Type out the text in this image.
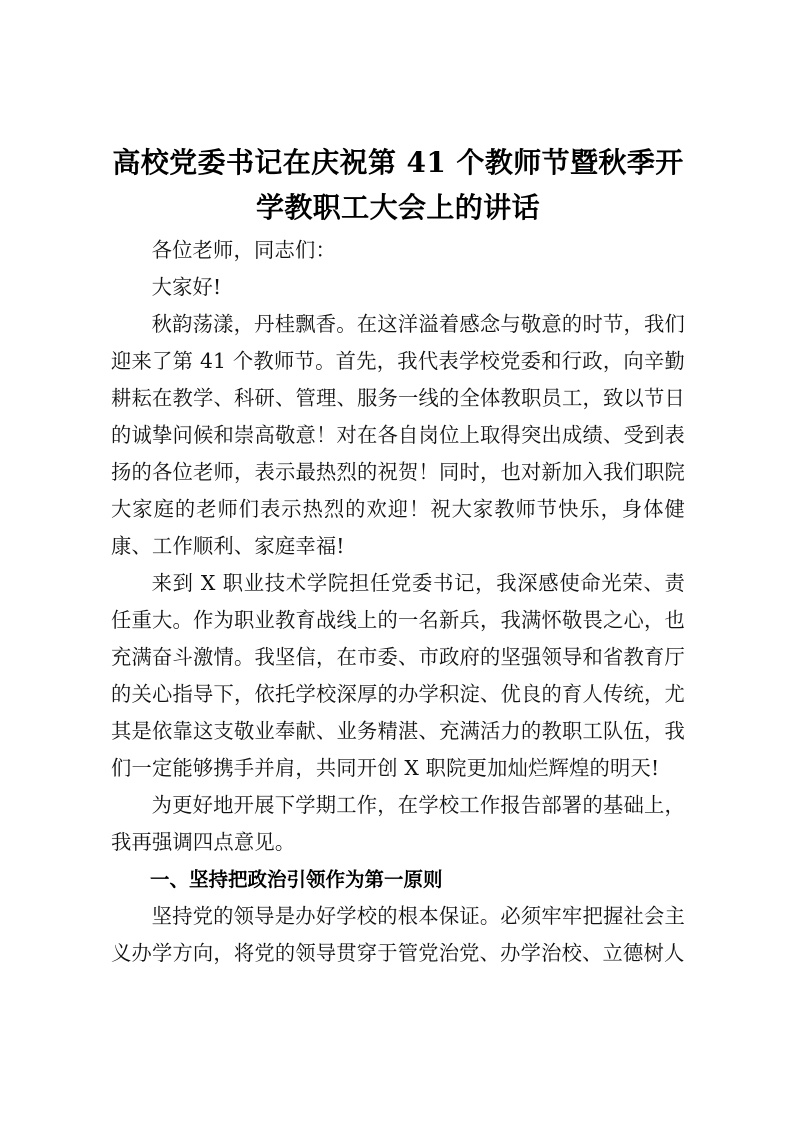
高校党委书记在庆祝第 41 个教师节暨秋季开
学教职工大会上的讲话

各位老师，同志们：

大家好!

秋韵荡漾，丹桂飘香。在这洋溢着感念与敬意的时节，我们迎来了第 41 个教师节。首先，我代表学校党委和行政，向辛勤耕耘在教学、科研、管理、服务一线的全体教职员工，致以节日的诚挚问候和崇高敬意！对在各自岗位上取得突出成绩、受到表扬的各位老师，表示最热烈的祝贺！同时，也对新加入我们职院大家庭的老师们表示热烈的欢迎！祝大家教师节快乐，身体健康、工作顺利、家庭幸福!

来到 X 职业技术学院担任党委书记，我深感使命光荣、责任重大。作为职业教育战线上的一名新兵，我满怀敬畏之心，也充满奋斗激情。我坚信，在市委、市政府的坚强领导和省教育厅的关心指导下，依托学校深厚的办学积淀、优良的育人传统，尤其是依靠这支敬业奉献、业务精湛、充满活力的教职工队伍，我们一定能够携手并肩，共同开创 X 职院更加灿烂辉煌的明天!

为更好地开展下学期工作，在学校工作报告部署的基础上，我再强调四点意见。

一、坚持把政治引领作为第一原则

坚持党的领导是办好学校的根本保证。必须牢牢把握社会主义办学方向，将党的领导贯穿于管党治党、办学治校、立德树人
